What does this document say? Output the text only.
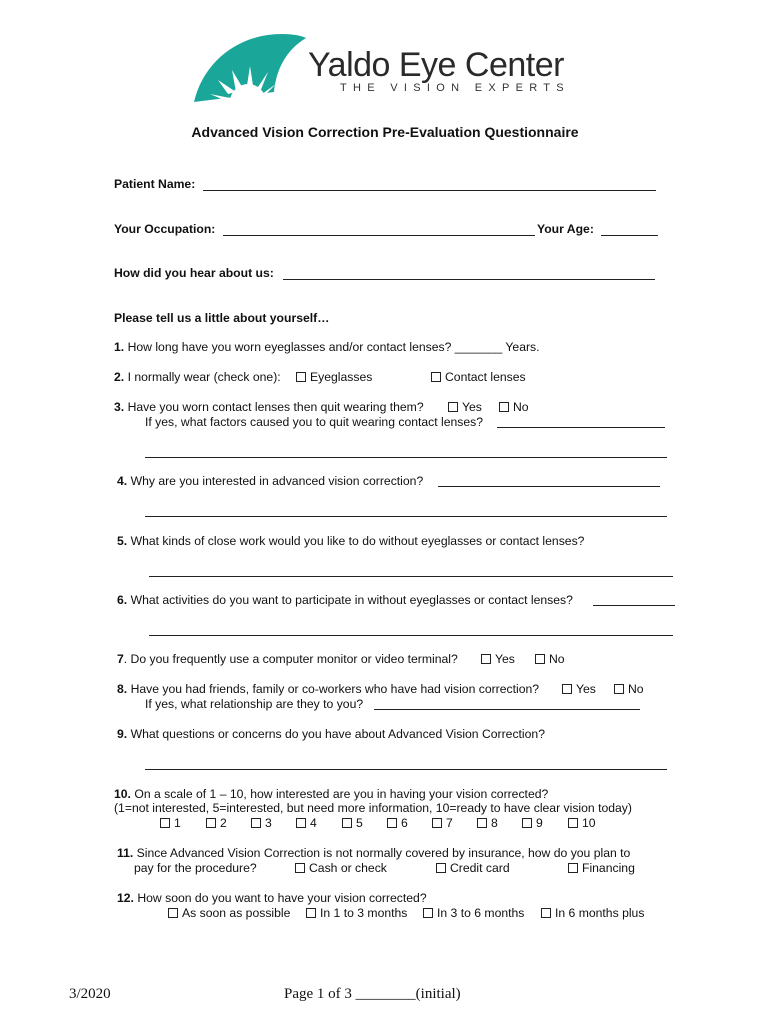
Yaldo Eye Center
THE VISION EXPERTS
Advanced Vision Correction Pre-Evaluation Questionnaire
Patient Name:
Your Occupation:	Your Age:
How did you hear about us:
Please tell us a little about yourself…
1. How long have you worn eyeglasses and/or contact lenses? _______ Years.
2. I normally wear (check one):	Eyeglasses	Contact lenses
3. Have you worn contact lenses then quit wearing them?	Yes	No
If yes, what factors caused you to quit wearing contact lenses?
4. Why are you interested in advanced vision correction?
5. What kinds of close work would you like to do without eyeglasses or contact lenses?
6. What activities do you want to participate in without eyeglasses or contact lenses?
7. Do you frequently use a computer monitor or video terminal?	Yes	No
8. Have you had friends, family or co-workers who have had vision correction?	Yes	No
If yes, what relationship are they to you?
9. What questions or concerns do you have about Advanced Vision Correction?
10. On a scale of 1 – 10, how interested are you in having your vision corrected?
(1=not interested, 5=interested, but need more information, 10=ready to have clear vision today)
1	2	3	4	5	6	7	8	9	10
11. Since Advanced Vision Correction is not normally covered by insurance, how do you plan to
pay for the procedure?	Cash or check	Credit card	Financing
12. How soon do you want to have your vision corrected?
As soon as possible	In 1 to 3 months	In 3 to 6 months	In 6 months plus
3/2020	Page 1 of 3 ________(initial)
